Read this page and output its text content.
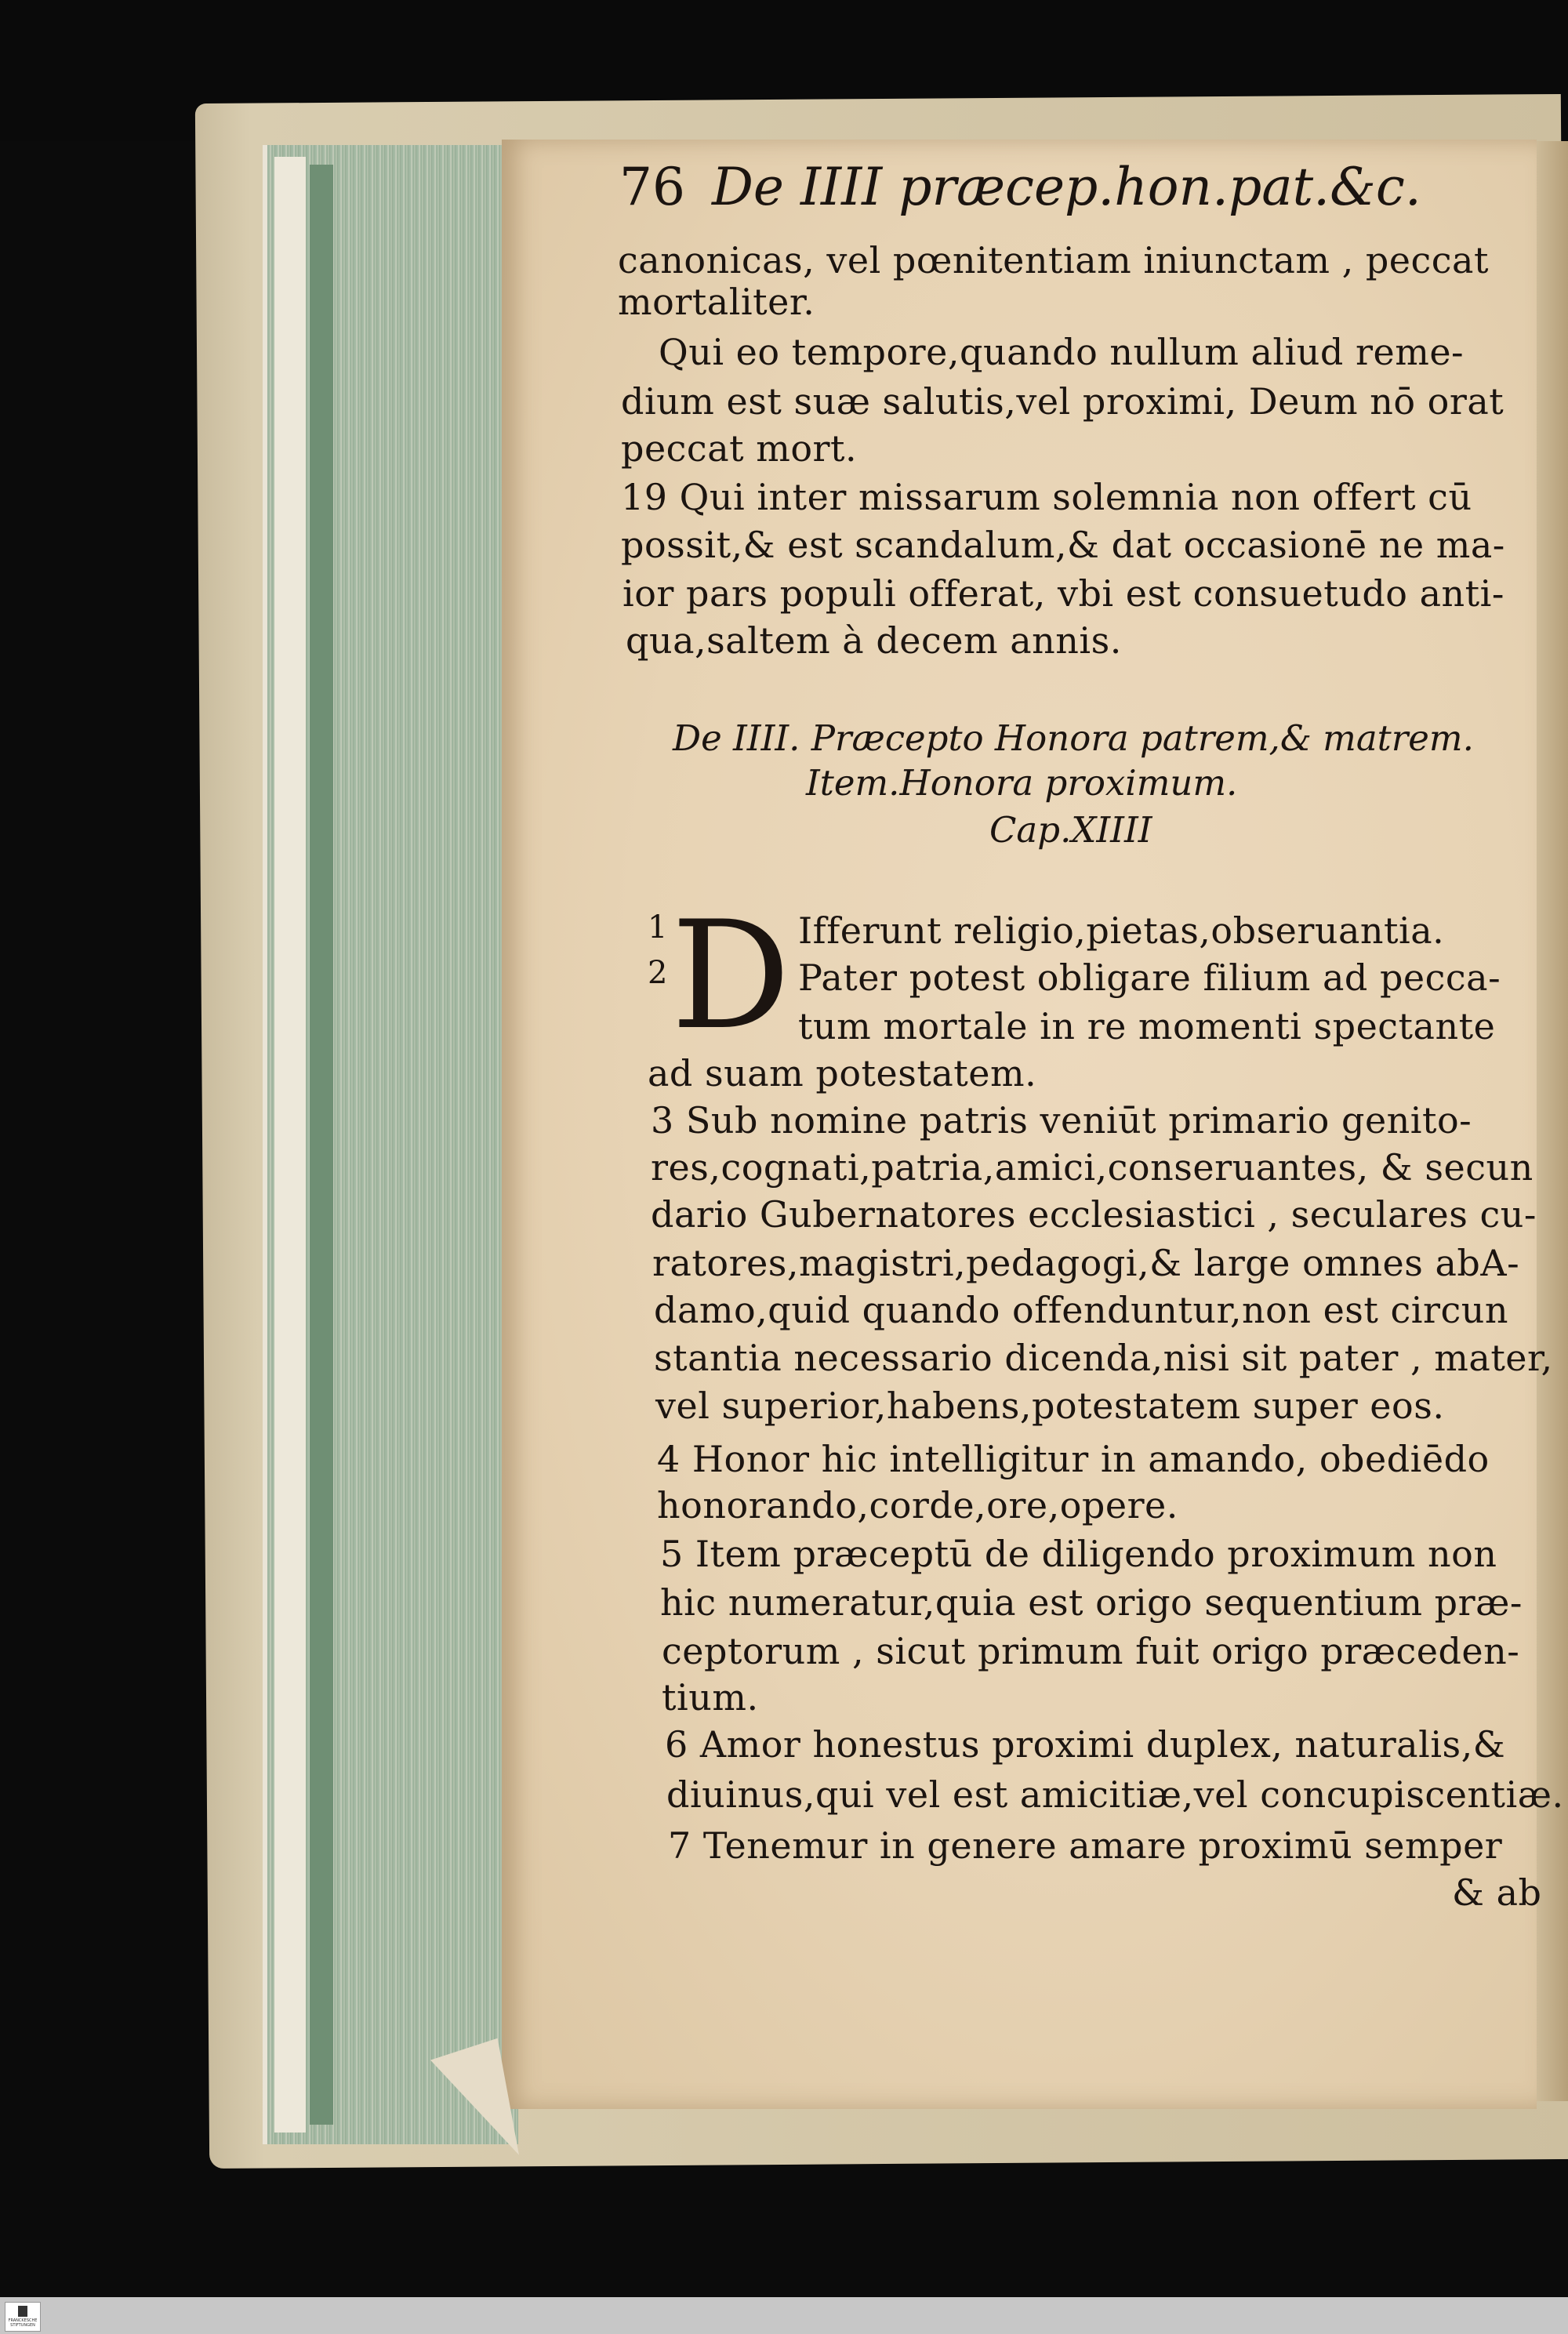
76 De IIII præcep.hon.pat.&c.
canonicas, vel pœnitentiam iniunctam , peccat
mortaliter.
Qui eo tempore,quando nullum aliud reme-
dium est suæ salutis,vel proximi, Deum nō orat
peccat mort.
19 Qui inter missarum solemnia non offert cū
possit,& est scandalum,& dat occasionē ne ma-
ior pars populi offerat, vbi est consuetudo anti-
qua,saltem à decem annis.
De IIII. Præcepto Honora patrem,& matrem.
Item.Honora proximum.
Cap.XIIII
1
2 D Ifferunt religio,pietas,obseruantia.
Pater potest obligare filium ad pecca-
tum mortale in re momenti spectante
ad suam potestatem.
3 Sub nomine patris veniūt primario genito-
res,cognati,patria,amici,conseruantes, & secun
dario Gubernatores ecclesiastici , seculares cu-
ratores,magistri,pedagogi,& large omnes abA-
damo,quid quando offenduntur,non est circun
stantia necessario dicenda,nisi sit pater , mater,
vel superior,habens,potestatem super eos.
4 Honor hic intelligitur in amando, obediēdo
honorando,corde,ore,opere.
5 Item præceptū de diligendo proximum non
hic numeratur,quia est origo sequentium præ-
ceptorum , sicut primum fuit origo præceden-
tium.
6 Amor honestus proximi duplex, naturalis,&
diuinus,qui vel est amicitiæ,vel concupiscentiæ.
7 Tenemur in genere amare proximū semper
& ab
FRANCKESCHE STIFTUNGEN
